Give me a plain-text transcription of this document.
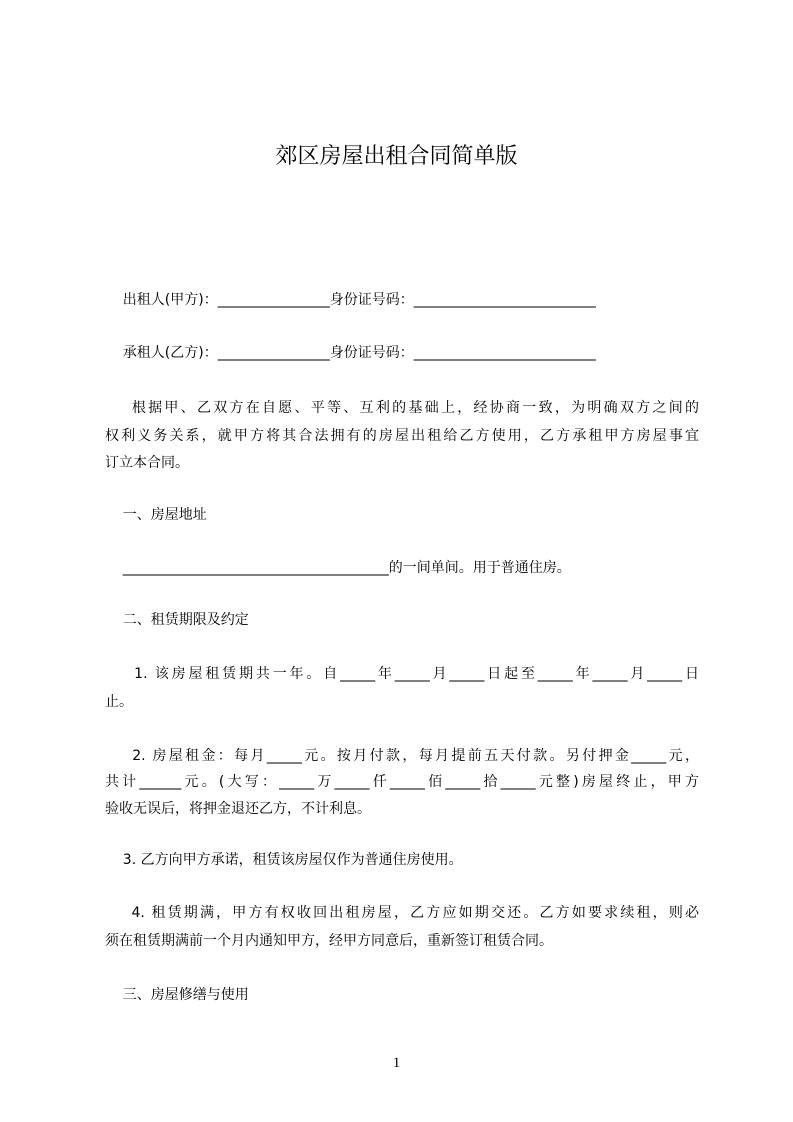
郊区房屋出租合同简单版
出租人(甲方)：________________身份证号码：__________________________
承租人(乙方)：________________身份证号码：__________________________
根据甲、乙双方在自愿、平等、互利的基础上，经协商一致，为明确双方之间的
权利义务关系，就甲方将其合法拥有的房屋出租给乙方使用，乙方承租甲方房屋事宜
订立本合同。
一、房屋地址
______________________________________的一间单间。用于普通住房。
二、租赁期限及约定
1. 该房屋租赁期共一年。自_____年_____月_____日起至_____年_____月_____日
止。
2. 房屋租金：每月_____元。按月付款，每月提前五天付款。另付押金_____元，
共计______元。(大写：_____万_____仟_____佰_____拾_____元整)房屋终止，甲方
验收无误后，将押金退还乙方，不计利息。
3. 乙方向甲方承诺，租赁该房屋仅作为普通住房使用。
4. 租赁期满，甲方有权收回出租房屋，乙方应如期交还。乙方如要求续租，则必
须在租赁期满前一个月内通知甲方，经甲方同意后，重新签订租赁合同。
三、房屋修缮与使用
1
